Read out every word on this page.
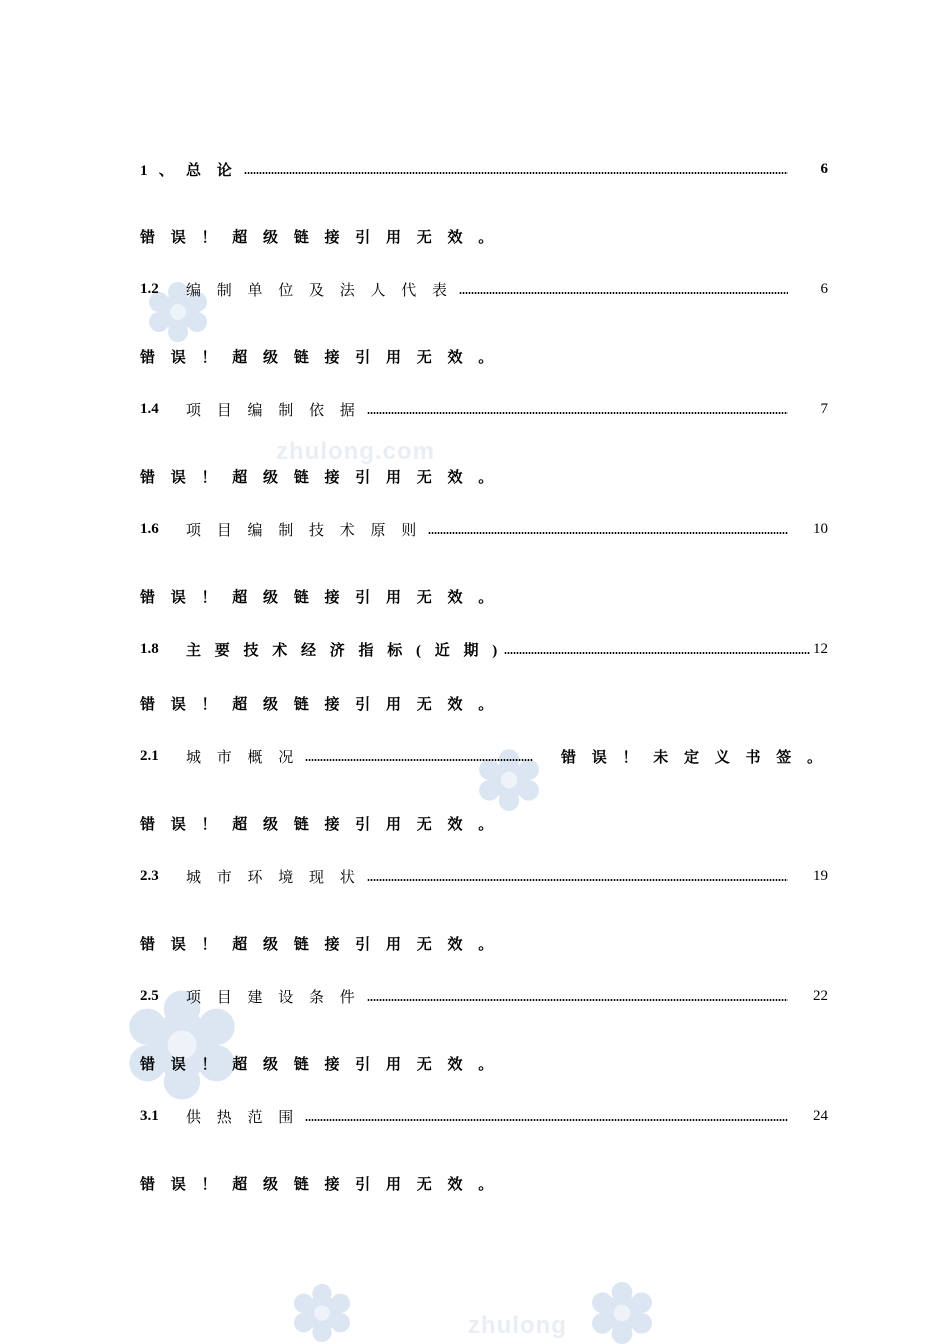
zhulong.com
zhulong
1 、 总 论	6
错 误 ！ 超 级 链 接 引 用 无 效 。
1.2	编 制 单 位 及 法 人 代 表	6
错 误 ！ 超 级 链 接 引 用 无 效 。
1.4	项 目 编 制 依 据	7
错 误 ！ 超 级 链 接 引 用 无 效 。
1.6	项 目 编 制 技 术 原 则	10
错 误 ！ 超 级 链 接 引 用 无 效 。
1.8	主 要 技 术 经 济 指 标 ( 近 期 )	12
错 误 ！ 超 级 链 接 引 用 无 效 。
2.1	城 市 概 况	错 误 ！ 未 定 义 书 签 。
错 误 ！ 超 级 链 接 引 用 无 效 。
2.3	城 市 环 境 现 状	19
错 误 ！ 超 级 链 接 引 用 无 效 。
2.5	项 目 建 设 条 件	22
错 误 ！ 超 级 链 接 引 用 无 效 。
3.1	供 热 范 围	24
错 误 ！ 超 级 链 接 引 用 无 效 。
